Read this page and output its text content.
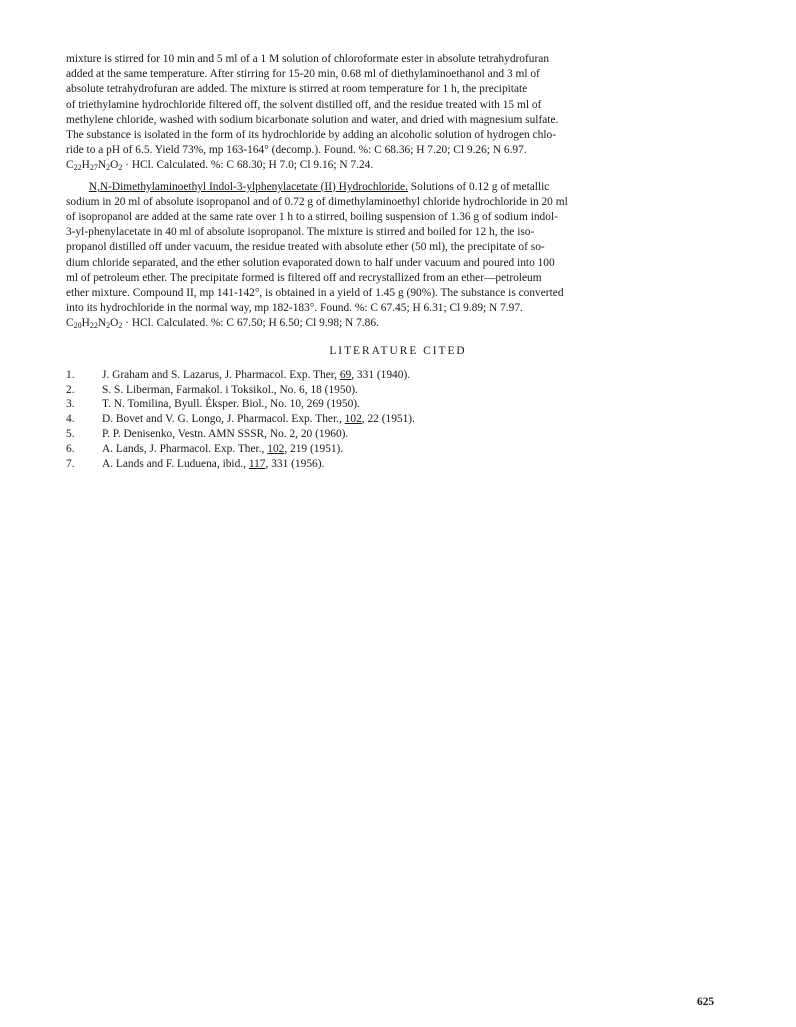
mixture is stirred for 10 min and 5 ml of a 1 M solution of chloroformate ester in absolute tetrahydrofuran

added at the same temperature. After stirring for 15-20 min, 0.68 ml of diethylaminoethanol and 3 ml of

absolute tetrahydrofuran are added. The mixture is stirred at room temperature for 1 h, the precipitate

of triethylamine hydrochloride filtered off, the solvent distilled off, and the residue treated with 15 ml of

methylene chloride, washed with sodium bicarbonate solution and water, and dried with magnesium sulfate.

The substance is isolated in the form of its hydrochloride by adding an alcoholic solution of hydrogen chlo-

ride to a pH of 6.5. Yield 73%, mp 163-164° (decomp.). Found. %: C 68.36; H 7.20; Cl 9.26; N 6.97.

$C_{22}H_{27}N_2O_2$ · HCl. Calculated. %: C 68.30; H 7.0; Cl 9.16; N 7.24.

N,N-Dimethylaminoethyl Indol-3-ylphenylacetate (II) Hydrochloride. Solutions of 0.12 g of metallic

sodium in 20 ml of absolute isopropanol and of 0.72 g of dimethylaminoethyl chloride hydrochloride in 20 ml

of isopropanol are added at the same rate over 1 h to a stirred, boiling suspension of 1.36 g of sodium indol-

3-yl-phenylacetate in 40 ml of absolute isopropanol. The mixture is stirred and boiled for 12 h, the iso-

propanol distilled off under vacuum, the residue treated with absolute ether (50 ml), the precipitate of so-

dium chloride separated, and the ether solution evaporated down to half under vacuum and poured into 100

ml of petroleum ether. The precipitate formed is filtered off and recrystallized from an ether—petroleum

ether mixture. Compound II, mp 141-142°, is obtained in a yield of 1.45 g (90%). The substance is converted

into its hydrochloride in the normal way, mp 182-183°. Found. %: C 67.45; H 6.31; Cl 9.89; N 7.97.

$C_{20}H_{22}N_2O_2$ · HCl. Calculated. %: C 67.50; H 6.50; Cl 9.98; N 7.86.

LITERATURE CITED
1.	J. Graham and S. Lazarus, J. Pharmacol. Exp. Ther, 69, 331 (1940).
2.	S. S. Liberman, Farmakol. i Toksikol., No. 6, 18 (1950).
3.	T. N. Tomilina, Byull. Éksper. Biol., No. 10, 269 (1950).
4.	D. Bovet and V. G. Longo, J. Pharmacol. Exp. Ther., 102, 22 (1951).
5.	P. P. Denisenko, Vestn. AMN SSSR, No. 2, 20 (1960).
6.	A. Lands, J. Pharmacol. Exp. Ther., 102, 219 (1951).
7.	A. Lands and F. Luduena, ibid., 117, 331 (1956).
625
